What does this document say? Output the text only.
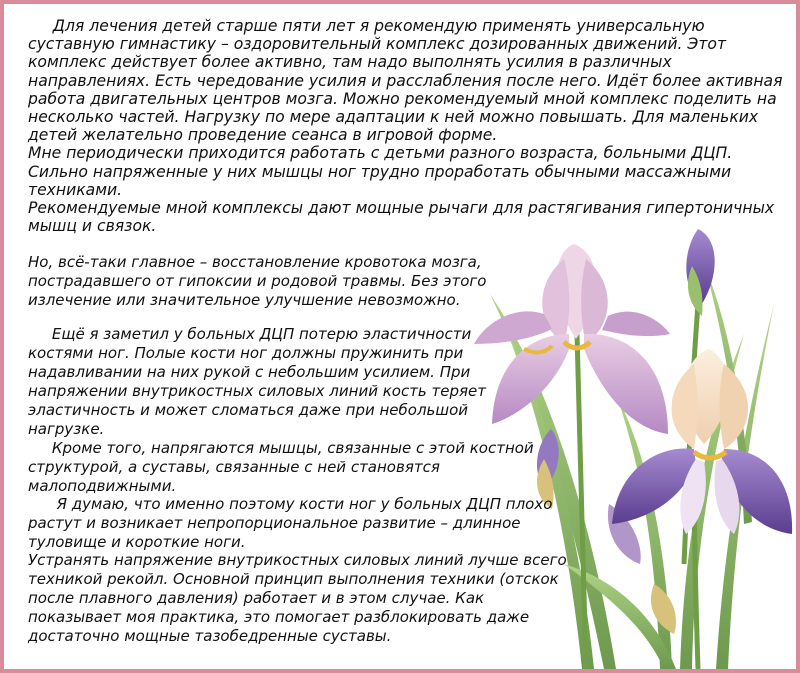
Для лечения детей старше пяти лет я рекомендую применять универсальную
суставную гимнастику – оздоровительный комплекс дозированных движений. Этот
комплекс действует более активно, там надо выполнять усилия в различных
направлениях. Есть чередование усилия и расслабления после него. Идёт более активная
работа двигательных центров мозга. Можно рекомендуемый мной комплекс поделить на
несколько частей. Нагрузку по мере адаптации к ней можно повышать. Для маленьких
детей желательно проведение сеанса в игровой форме.
Мне периодически приходится работать с детьми разного возраста, больными ДЦП.
Сильно напряженные у них мышцы ног трудно проработать обычными массажными
техниками.
Рекомендуемые мной комплексы дают мощные рычаги для растягивания гипертоничных
мышц и связок.

Но, всё-таки главное – восстановление кровотока мозга,
пострадавшего от гипоксии и родовой травмы. Без этого
излечение или значительное улучшение невозможно.

Ещё я заметил у больных ДЦП потерю эластичности
костями ног. Полые кости ног должны пружинить при
надавливании на них рукой с небольшим усилием. При
напряжении внутрикостных силовых линий кость теряет
эластичность и может сломаться даже при небольшой
нагрузке.
Кроме того, напрягаются мышцы, связанные с этой костной
структурой, а суставы, связанные с ней становятся
малоподвижными.

Я думаю, что именно поэтому кости ног у больных ДЦП плохо
растут и возникает непропорциональное развитие – длинное
туловище и короткие ноги.
Устранять напряжение внутрикостных силовых линий лучше всего
техникой рекойл. Основной принцип выполнения техники (отскок
после плавного давления) работает и в этом случае. Как
показывает моя практика, это помогает разблокировать даже
достаточно мощные тазобедренные суставы.
